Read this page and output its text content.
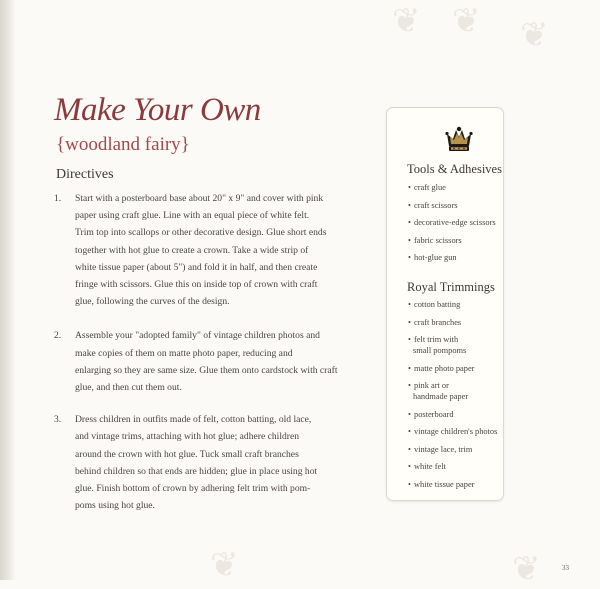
❦ ❦ ❦
❦	❦
Make Your Own
{woodland fairy}
Directives
1.	Start with a posterboard base about 20" x 9" and cover with pink
paper using craft glue. Line with an equal piece of white felt.
Trim top into scallops or other decorative design. Glue short ends
together with hot glue to create a crown. Take a wide strip of
white tissue paper (about 5") and fold it in half, and then create
fringe with scissors. Glue this on inside top of crown with craft
glue, following the curves of the design.
2.	Assemble your "adopted family" of vintage children photos and
make copies of them on matte photo paper, reducing and
enlarging so they are same size. Glue them onto cardstock with craft
glue, and then cut them out.
3.	Dress children in outfits made of felt, cotton batting, old lace,
and vintage trims, attaching with hot glue; adhere children
around the crown with hot glue. Tuck small craft branches
behind children so that ends are hidden; glue in place using hot
glue. Finish bottom of crown by adhering felt trim with pom-
poms using hot glue.
Tools & Adhesives
• craft glue
• craft scissors
• decorative-edge scissors
• fabric scissors
• hot-glue gun
Royal Trimmings
• cotton batting
• craft branches
• felt trim with
small pompoms
• matte photo paper
• pink art or
handmade paper
• posterboard
• vintage children's photos
• vintage lace, trim
• white felt
• white tissue paper
33
